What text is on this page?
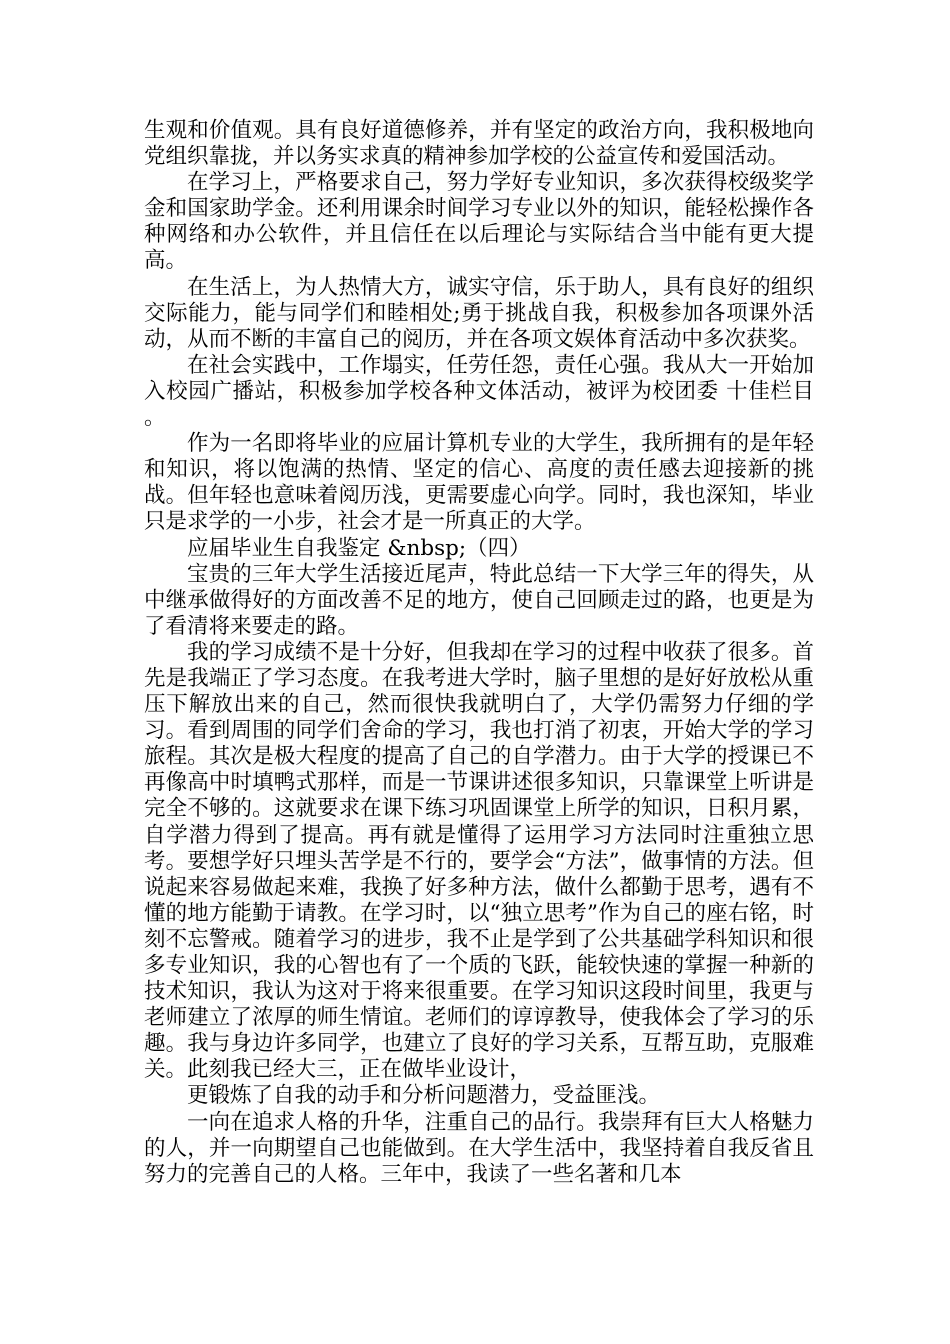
生观和价值观。具有良好道德修养，并有坚定的政治方向，我积极地向党组织靠拢，并以务实求真的精神参加学校的公益宣传和爱国活动。

在学习上，严格要求自己，努力学好专业知识，多次获得校级奖学金和国家助学金。还利用课余时间学习专业以外的知识，能轻松操作各种网络和办公软件，并且信任在以后理论与实际结合当中能有更大提高。

在生活上，为人热情大方，诚实守信，乐于助人，具有良好的组织交际能力，能与同学们和睦相处;勇于挑战自我，积极参加各项课外活动，从而不断的丰富自己的阅历，并在各项文娱体育活动中多次获奖。

在社会实践中，工作塌实，任劳任怨，责任心强。我从大一开始加入校园广播站，积极参加学校各种文体活动，被评为校团委 十佳栏目 。

作为一名即将毕业的应届计算机专业的大学生，我所拥有的是年轻和知识，将以饱满的热情、坚定的信心、高度的责任感去迎接新的挑战。但年轻也意味着阅历浅，更需要虚心向学。同时，我也深知，毕业只是求学的一小步，社会才是一所真正的大学。

应届毕业生自我鉴定 &nbsp;（四）

宝贵的三年大学生活接近尾声，特此总结一下大学三年的得失，从中继承做得好的方面改善不足的地方，使自己回顾走过的路，也更是为了看清将来要走的路。

我的学习成绩不是十分好，但我却在学习的过程中收获了很多。首先是我端正了学习态度。在我考进大学时，脑子里想的是好好放松从重压下解放出来的自己，然而很快我就明白了，大学仍需努力仔细的学习。看到周围的同学们舍命的学习，我也打消了初衷，开始大学的学习旅程。其次是极大程度的提高了自己的自学潜力。由于大学的授课已不再像高中时填鸭式那样，而是一节课讲述很多知识，只靠课堂上听讲是完全不够的。这就要求在课下练习巩固课堂上所学的知识，日积月累，自学潜力得到了提高。再有就是懂得了运用学习方法同时注重独立思考。要想学好只埋头苦学是不行的，要学会“方法”，做事情的方法。但说起来容易做起来难，我换了好多种方法，做什么都勤于思考，遇有不懂的地方能勤于请教。在学习时，以“独立思考”作为自己的座右铭，时刻不忘警戒。随着学习的进步，我不止是学到了公共基础学科知识和很多专业知识，我的心智也有了一个质的飞跃，能较快速的掌握一种新的技术知识，我认为这对于将来很重要。在学习知识这段时间里，我更与老师建立了浓厚的师生情谊。老师们的谆谆教导，使我体会了学习的乐趣。我与身边许多同学，也建立了良好的学习关系，互帮互助，克服难关。此刻我已经大三，正在做毕业设计，

更锻炼了自我的动手和分析问题潜力，受益匪浅。

一向在追求人格的升华，注重自己的品行。我崇拜有巨大人格魅力的人，并一向期望自己也能做到。在大学生活中，我坚持着自我反省且努力的完善自己的人格。三年中，我读了一些名著和几本
